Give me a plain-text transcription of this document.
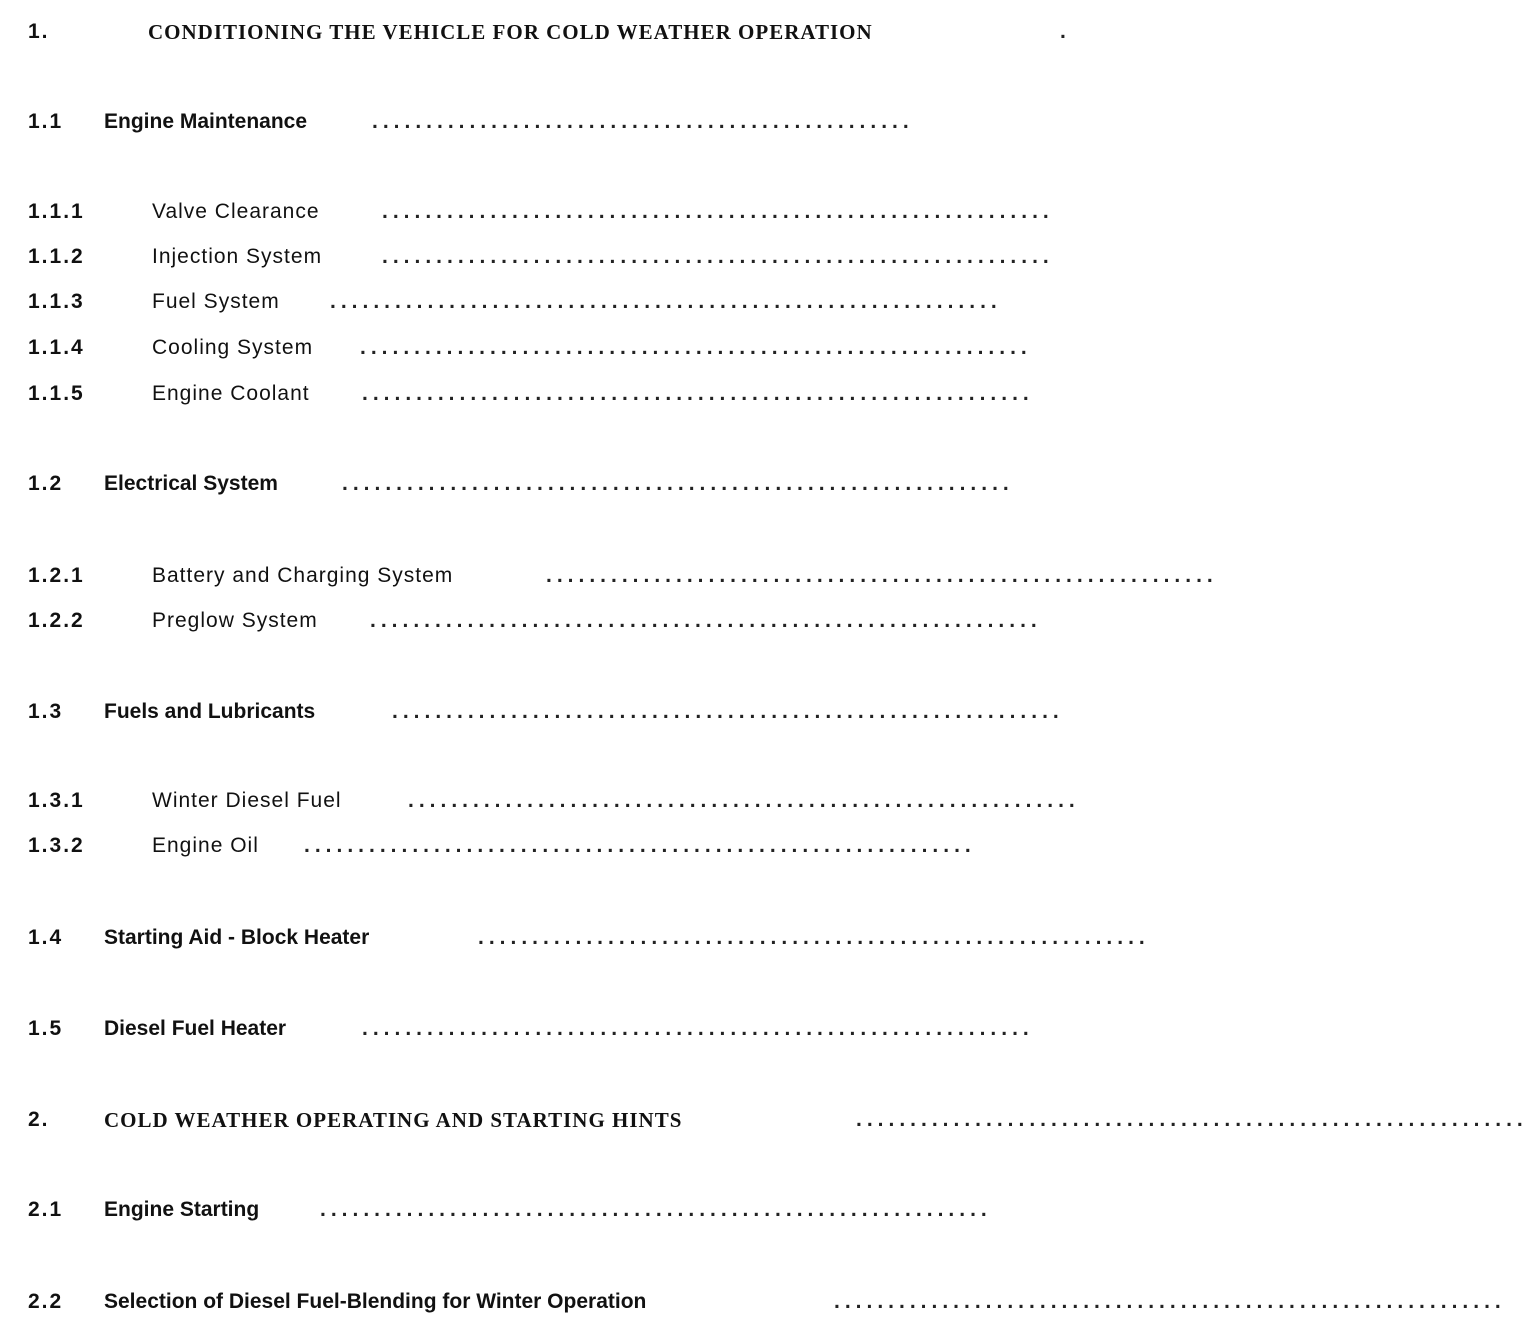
1.	CONDITIONING THE VEHICLE FOR COLD WEATHER OPERATION	.
1.1 Engine Maintenance	..................................................
1.1.1	Valve Clearance	..............................................................
1.1.2	Injection System	..............................................................
1.1.3	Fuel System ..............................................................
1.1.4	Cooling System ..............................................................
1.1.5	Engine Coolant ..............................................................
1.2 Electrical System	..............................................................
1.2.1	Battery and Charging System	..............................................................
1.2.2	Preglow System ..............................................................
1.3 Fuels and Lubricants	..............................................................
1.3.1	Winter Diesel Fuel	..............................................................
1.3.2	Engine Oil ..............................................................
1.4 Starting Aid - Block Heater	..............................................................
1.5 Diesel Fuel Heater	..............................................................
2.	COLD WEATHER OPERATING AND STARTING HINTS	..............................................................
2.1 Engine Starting	..............................................................
2.2 Selection of Diesel Fuel-Blending for Winter Operation	..............................................................
